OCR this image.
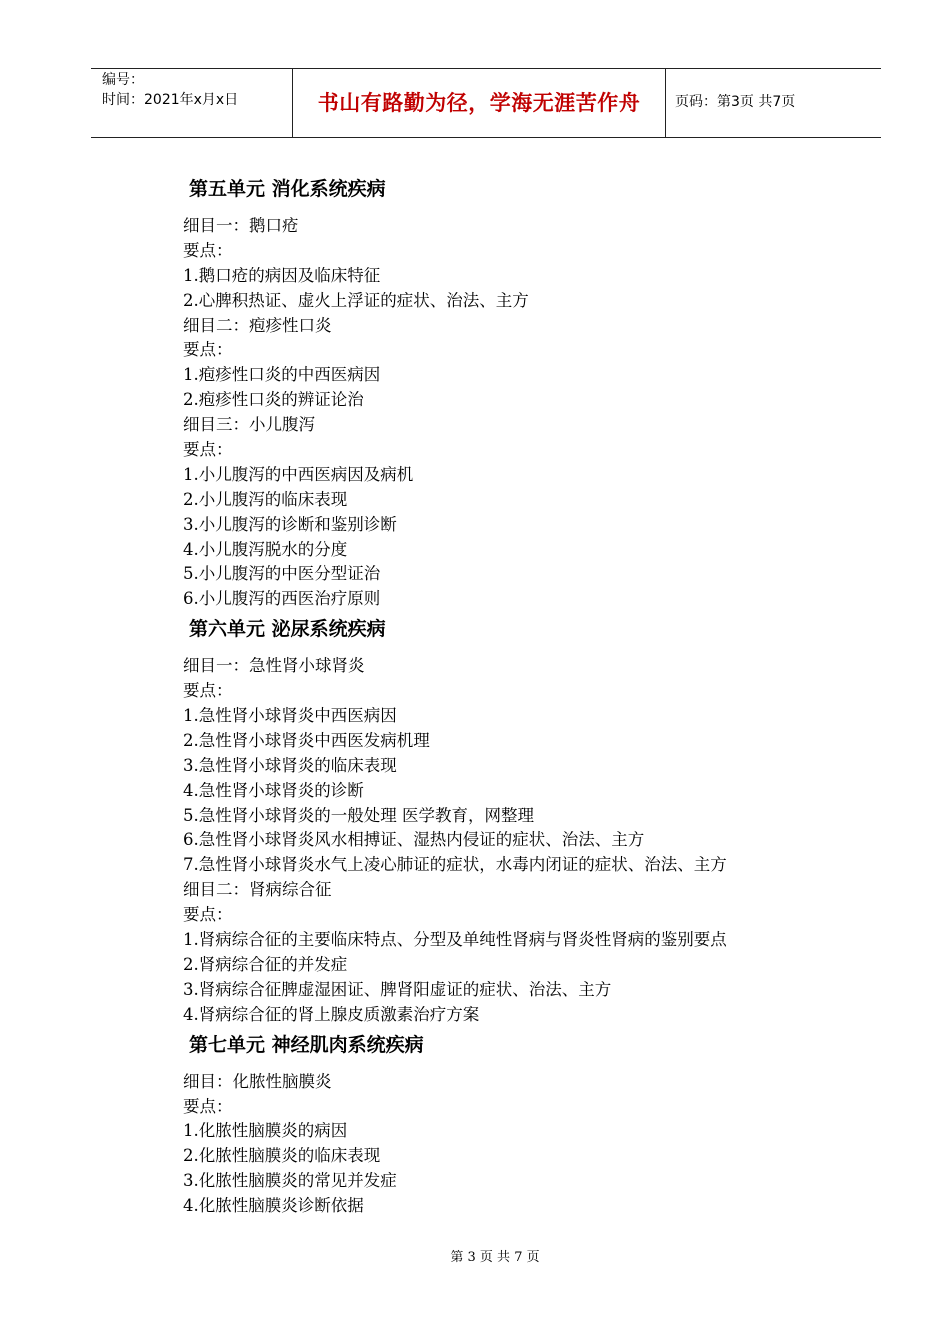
编号：
时间：2021年x月x日	书山有路勤为径，学海无涯苦作舟	页码：第3页 共7页
第五单元 消化系统疾病
细目一：鹅口疮
要点：
1.鹅口疮的病因及临床特征
2.心脾积热证、虚火上浮证的症状、治法、主方
细目二：疱疹性口炎
要点：
1.疱疹性口炎的中西医病因
2.疱疹性口炎的辨证论治
细目三：小儿腹泻
要点：
1.小儿腹泻的中西医病因及病机
2.小儿腹泻的临床表现
3.小儿腹泻的诊断和鉴别诊断
4.小儿腹泻脱水的分度
5.小儿腹泻的中医分型证治
6.小儿腹泻的西医治疗原则
第六单元 泌尿系统疾病
细目一：急性肾小球肾炎
要点：
1.急性肾小球肾炎中西医病因
2.急性肾小球肾炎中西医发病机理
3.急性肾小球肾炎的临床表现
4.急性肾小球肾炎的诊断
5.急性肾小球肾炎的一般处理 医学教育，网整理
6.急性肾小球肾炎风水相搏证、湿热内侵证的症状、治法、主方
7.急性肾小球肾炎水气上凌心肺证的症状，水毒内闭证的症状、治法、主方
细目二：肾病综合征
要点：
1.肾病综合征的主要临床特点、分型及单纯性肾病与肾炎性肾病的鉴别要点
2.肾病综合征的并发症
3.肾病综合征脾虚湿困证、脾肾阳虚证的症状、治法、主方
4.肾病综合征的肾上腺皮质激素治疗方案
第七单元 神经肌肉系统疾病
细目：化脓性脑膜炎
要点：
1.化脓性脑膜炎的病因
2.化脓性脑膜炎的临床表现
3.化脓性脑膜炎的常见并发症
4.化脓性脑膜炎诊断依据
第 3 页 共 7 页
